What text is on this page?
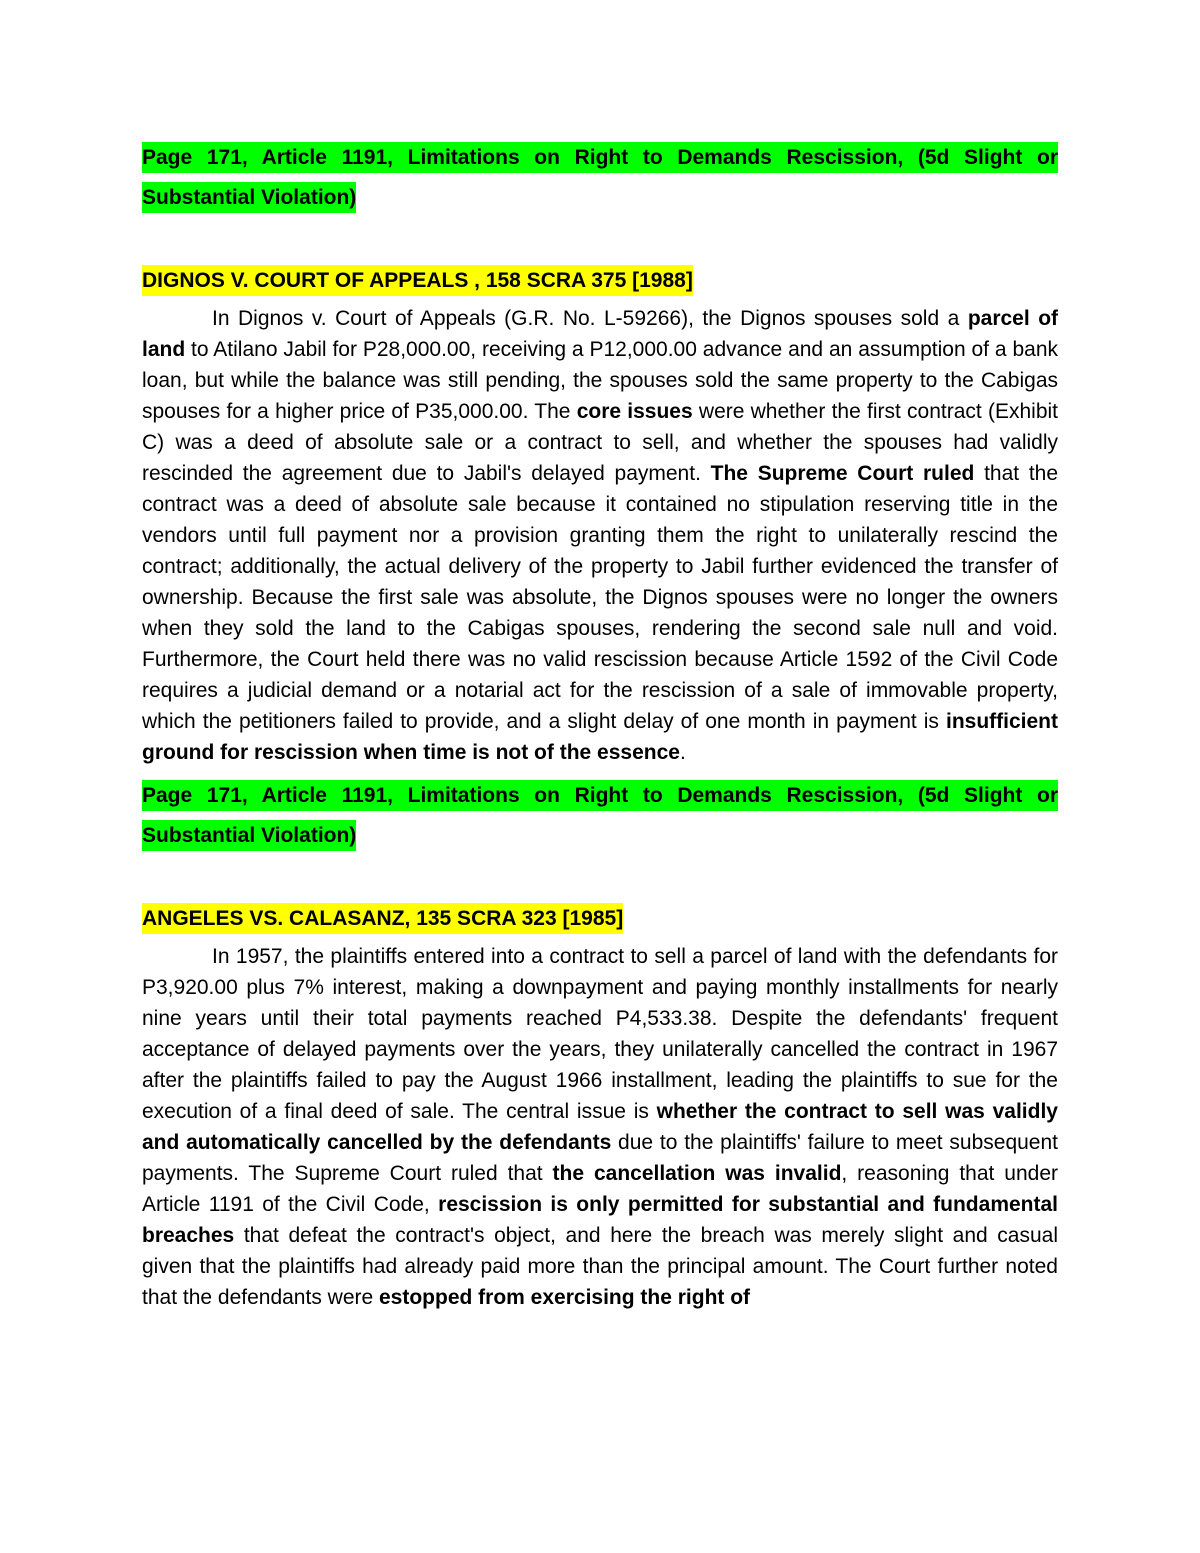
Page 171, Article 1191, Limitations on Right to Demands Rescission, (5d Slight or Substantial Violation)

DIGNOS V. COURT OF APPEALS , 158 SCRA 375 [1988]

In Dignos v. Court of Appeals (G.R. No. L-59266), the Dignos spouses sold a parcel of land to Atilano Jabil for P28,000.00, receiving a P12,000.00 advance and an assumption of a bank loan, but while the balance was still pending, the spouses sold the same property to the Cabigas spouses for a higher price of P35,000.00. The core issues were whether the first contract (Exhibit C) was a deed of absolute sale or a contract to sell, and whether the spouses had validly rescinded the agreement due to Jabil's delayed payment. The Supreme Court ruled that the contract was a deed of absolute sale because it contained no stipulation reserving title in the vendors until full payment nor a provision granting them the right to unilaterally rescind the contract; additionally, the actual delivery of the property to Jabil further evidenced the transfer of ownership. Because the first sale was absolute, the Dignos spouses were no longer the owners when they sold the land to the Cabigas spouses, rendering the second sale null and void. Furthermore, the Court held there was no valid rescission because Article 1592 of the Civil Code requires a judicial demand or a notarial act for the rescission of a sale of immovable property, which the petitioners failed to provide, and a slight delay of one month in payment is insufficient ground for rescission when time is not of the essence.

Page 171, Article 1191, Limitations on Right to Demands Rescission, (5d Slight or Substantial Violation)

ANGELES VS. CALASANZ, 135 SCRA 323 [1985]

In 1957, the plaintiffs entered into a contract to sell a parcel of land with the defendants for P3,920.00 plus 7% interest, making a downpayment and paying monthly installments for nearly nine years until their total payments reached P4,533.38. Despite the defendants' frequent acceptance of delayed payments over the years, they unilaterally cancelled the contract in 1967 after the plaintiffs failed to pay the August 1966 installment, leading the plaintiffs to sue for the execution of a final deed of sale. The central issue is whether the contract to sell was validly and automatically cancelled by the defendants due to the plaintiffs' failure to meet subsequent payments. The Supreme Court ruled that the cancellation was invalid, reasoning that under Article 1191 of the Civil Code, rescission is only permitted for substantial and fundamental breaches that defeat the contract's object, and here the breach was merely slight and casual given that the plaintiffs had already paid more than the principal amount. The Court further noted that the defendants were estopped from exercising the right of
